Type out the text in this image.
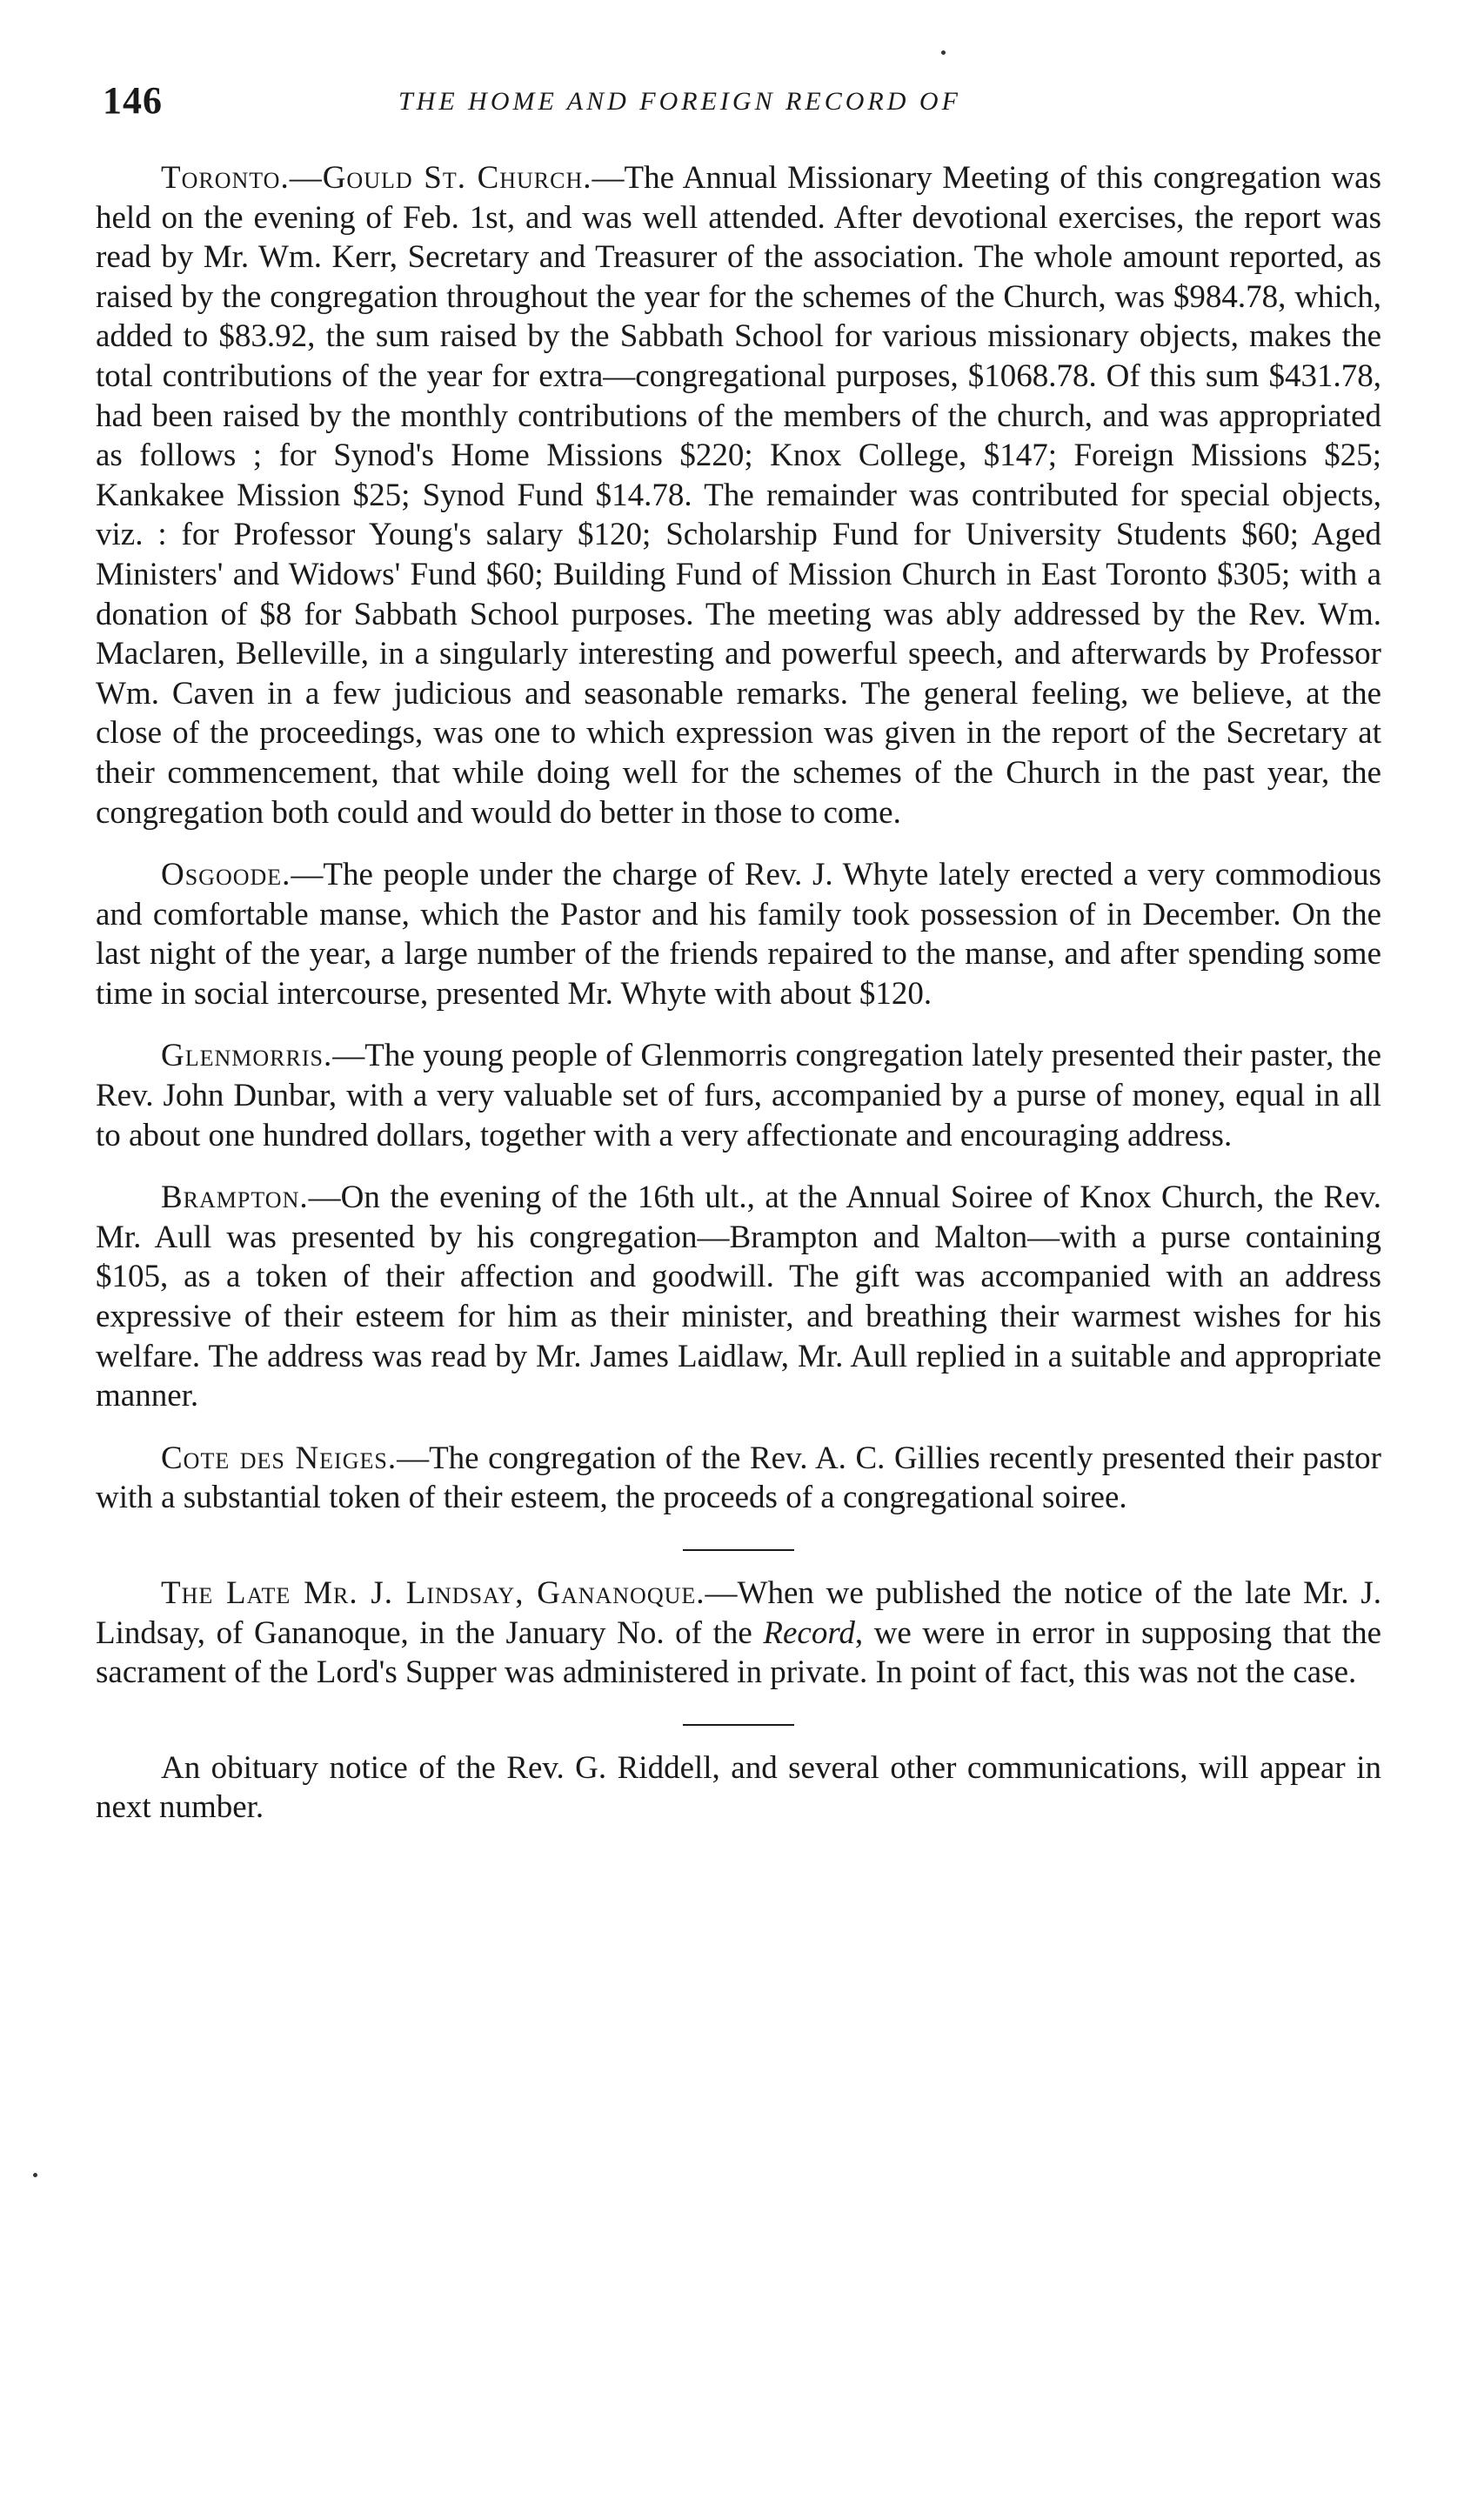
146	THE HOME AND FOREIGN RECORD OF

Toronto.—Gould St. Church.—The Annual Missionary Meeting of this congregation was held on the evening of Feb. 1st, and was well attended. After devotional exercises, the report was read by Mr. Wm. Kerr, Secretary and Treasurer of the association. The whole amount reported, as raised by the congregation throughout the year for the schemes of the Church, was $984.78, which, added to $83.92, the sum raised by the Sabbath School for various missionary objects, makes the total contributions of the year for extra—congregational purposes, $1068.78. Of this sum $431.78, had been raised by the monthly contributions of the members of the church, and was appropriated as follows ; for Synod's Home Missions $220; Knox College, $147; Foreign Missions $25; Kankakee Mission $25; Synod Fund $14.78. The remainder was contributed for special objects, viz. : for Professor Young's salary $120; Scholarship Fund for University Students $60; Aged Ministers' and Widows' Fund $60; Building Fund of Mission Church in East Toronto $305; with a donation of $8 for Sabbath School purposes. The meeting was ably addressed by the Rev. Wm. Maclaren, Belleville, in a singularly interesting and powerful speech, and afterwards by Professor Wm. Caven in a few judicious and seasonable remarks. The general feeling, we believe, at the close of the proceedings, was one to which expression was given in the report of the Secretary at their commencement, that while doing well for the schemes of the Church in the past year, the congregation both could and would do better in those to come.

Osgoode.—The people under the charge of Rev. J. Whyte lately erected a very commodious and comfortable manse, which the Pastor and his family took possession of in December. On the last night of the year, a large number of the friends repaired to the manse, and after spending some time in social intercourse, presented Mr. Whyte with about $120.

Glenmorris.—The young people of Glenmorris congregation lately presented their paster, the Rev. John Dunbar, with a very valuable set of furs, accompanied by a purse of money, equal in all to about one hundred dollars, together with a very affectionate and encouraging address.

Brampton.—On the evening of the 16th ult., at the Annual Soiree of Knox Church, the Rev. Mr. Aull was presented by his congregation—Brampton and Malton—with a purse containing $105, as a token of their affection and goodwill. The gift was accompanied with an address expressive of their esteem for him as their minister, and breathing their warmest wishes for his welfare. The address was read by Mr. James Laidlaw, Mr. Aull replied in a suitable and appropriate manner.

Cote des Neiges.—The congregation of the Rev. A. C. Gillies recently presented their pastor with a substantial token of their esteem, the proceeds of a congregational soiree.

The Late Mr. J. Lindsay, Gananoque.—When we published the notice of the late Mr. J. Lindsay, of Gananoque, in the January No. of the Record, we were in error in supposing that the sacrament of the Lord's Supper was administered in private. In point of fact, this was not the case.

An obituary notice of the Rev. G. Riddell, and several other communications, will appear in next number.
